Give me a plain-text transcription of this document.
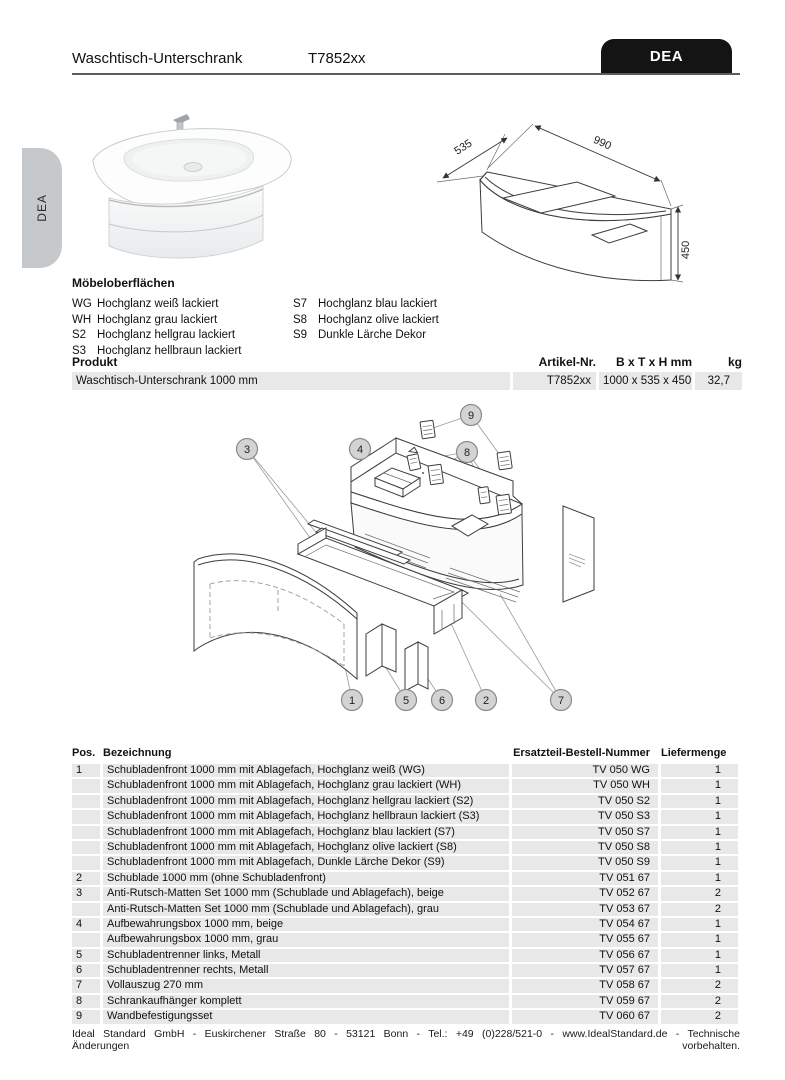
Waschtisch-Unterschrank	T7852xx	DEA
DEA
535	990
450
Möbeloberflächen
WG Hochglanz weiß lackiert
WH Hochglanz grau lackiert
S2 Hochglanz hellgrau lackiert
S3 Hochglanz hellbraun lackiert
S7 Hochglanz blau lackiert
S8 Hochglanz olive lackiert
S9 Dunkle Lärche Dekor
Produkt	Artikel-Nr.	B x T x H mm	kg
Waschtisch-Unterschrank 1000 mm	T7852xx	1000 x 535 x 450	32,7
1	2
3	4
5	6	7
8
9
Pos. Bezeichnung	Ersatzteil-Bestell-Nummer	Liefermenge
1	Schubladenfront 1000 mm mit Ablagefach, Hochglanz weiß (WG)	TV 050 WG	1
Schubladenfront 1000 mm mit Ablagefach, Hochglanz grau lackiert (WH)	TV 050 WH	1
Schubladenfront 1000 mm mit Ablagefach, Hochglanz hellgrau lackiert (S2)	TV 050 S2	1
Schubladenfront 1000 mm mit Ablagefach, Hochglanz hellbraun lackiert (S3)	TV 050 S3	1
Schubladenfront 1000 mm mit Ablagefach, Hochglanz blau lackiert (S7)	TV 050 S7	1
Schubladenfront 1000 mm mit Ablagefach, Hochglanz olive lackiert (S8)	TV 050 S8	1
Schubladenfront 1000 mm mit Ablagefach, Dunkle Lärche Dekor (S9)	TV 050 S9	1
2	Schublade 1000 mm (ohne Schubladenfront)	TV 051 67	1
3	Anti-Rutsch-Matten Set 1000 mm (Schublade und Ablagefach), beige	TV 052 67	2
Anti-Rutsch-Matten Set 1000 mm (Schublade und Ablagefach), grau	TV 053 67	2
4	Aufbewahrungsbox 1000 mm, beige	TV 054 67	1
Aufbewahrungsbox 1000 mm, grau	TV 055 67	1
5	Schubladentrenner links, Metall	TV 056 67	1
6	Schubladentrenner rechts, Metall	TV 057 67	1
7	Vollauszug 270 mm	TV 058 67	2
8	Schrankaufhänger komplett	TV 059 67	2
9	Wandbefestigungsset	TV 060 67	2
Ideal Standard GmbH - Euskirchener Straße 80 - 53121 Bonn - Tel.: +49 (0)228/521-0 - www.IdealStandard.de - Technische Änderungen vorbehalten.
